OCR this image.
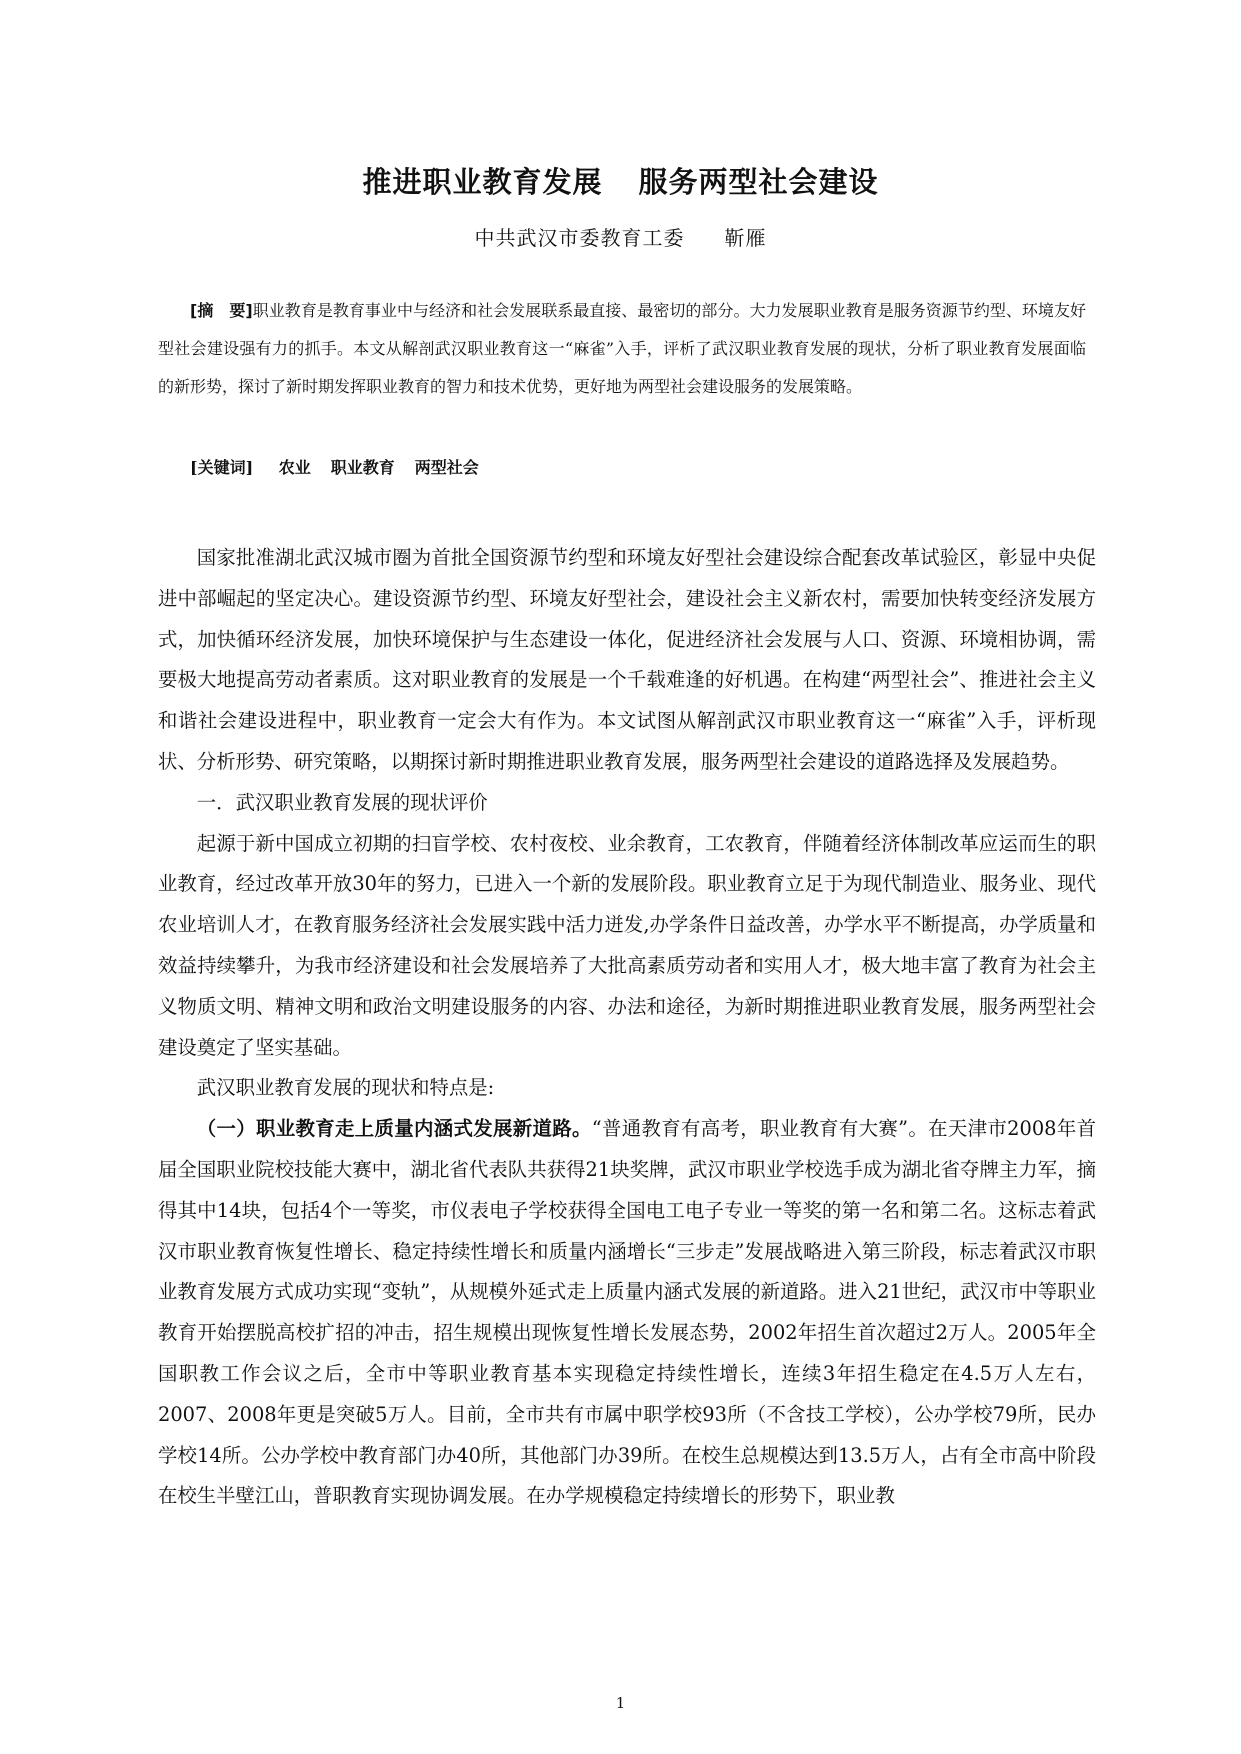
推进职业教育发展 服务两型社会建设
中共武汉市委教育工委 靳雁

[摘　要]职业教育是教育事业中与经济和社会发展联系最直接、最密切的部分。大力发展职业教育是服务资源节约型、环境友好型社会建设强有力的抓手。本文从解剖武汉职业教育这一“麻雀”入手，评析了武汉职业教育发展的现状，分析了职业教育发展面临的新形势，探讨了新时期发挥职业教育的智力和技术优势，更好地为两型社会建设服务的发展策略。

[关键词] 农业 职业教育 两型社会

国家批准湖北武汉城市圈为首批全国资源节约型和环境友好型社会建设综合配套改革试验区，彰显中央促进中部崛起的坚定决心。建设资源节约型、环境友好型社会，建设社会主义新农村，需要加快转变经济发展方式，加快循环经济发展，加快环境保护与生态建设一体化，促进经济社会发展与人口、资源、环境相协调，需要极大地提高劳动者素质。这对职业教育的发展是一个千载难逢的好机遇。在构建“两型社会”、推进社会主义和谐社会建设进程中，职业教育一定会大有作为。本文试图从解剖武汉市职业教育这一“麻雀”入手，评析现状、分析形势、研究策略，以期探讨新时期推进职业教育发展，服务两型社会建设的道路选择及发展趋势。

一．武汉职业教育发展的现状评价

起源于新中国成立初期的扫盲学校、农村夜校、业余教育，工农教育，伴随着经济体制改革应运而生的职业教育，经过改革开放30年的努力，已进入一个新的发展阶段。职业教育立足于为现代制造业、服务业、现代农业培训人才，在教育服务经济社会发展实践中活力迸发,办学条件日益改善，办学水平不断提高，办学质量和效益持续攀升，为我市经济建设和社会发展培养了大批高素质劳动者和实用人才，极大地丰富了教育为社会主义物质文明、精神文明和政治文明建设服务的内容、办法和途径，为新时期推进职业教育发展，服务两型社会建设奠定了坚实基础。

武汉职业教育发展的现状和特点是:

（一）职业教育走上质量内涵式发展新道路。“普通教育有高考，职业教育有大赛”。在天津市2008年首届全国职业院校技能大赛中，湖北省代表队共获得21块奖牌，武汉市职业学校选手成为湖北省夺牌主力军，摘得其中14块，包括4个一等奖，市仪表电子学校获得全国电工电子专业一等奖的第一名和第二名。这标志着武汉市职业教育恢复性增长、稳定持续性增长和质量内涵增长“三步走”发展战略进入第三阶段，标志着武汉市职业教育发展方式成功实现“变轨”，从规模外延式走上质量内涵式发展的新道路。进入21世纪，武汉市中等职业教育开始摆脱高校扩招的冲击，招生规模出现恢复性增长发展态势，2002年招生首次超过2万人。2005年全国职教工作会议之后，全市中等职业教育基本实现稳定持续性增长，连续3年招生稳定在4.5万人左右，2007、2008年更是突破5万人。目前，全市共有市属中职学校93所（不含技工学校），公办学校79所，民办学校14所。公办学校中教育部门办40所，其他部门办39所。在校生总规模达到13.5万人，占有全市高中阶段在校生半壁江山，普职教育实现协调发展。在办学规模稳定持续增长的形势下，职业教

1
